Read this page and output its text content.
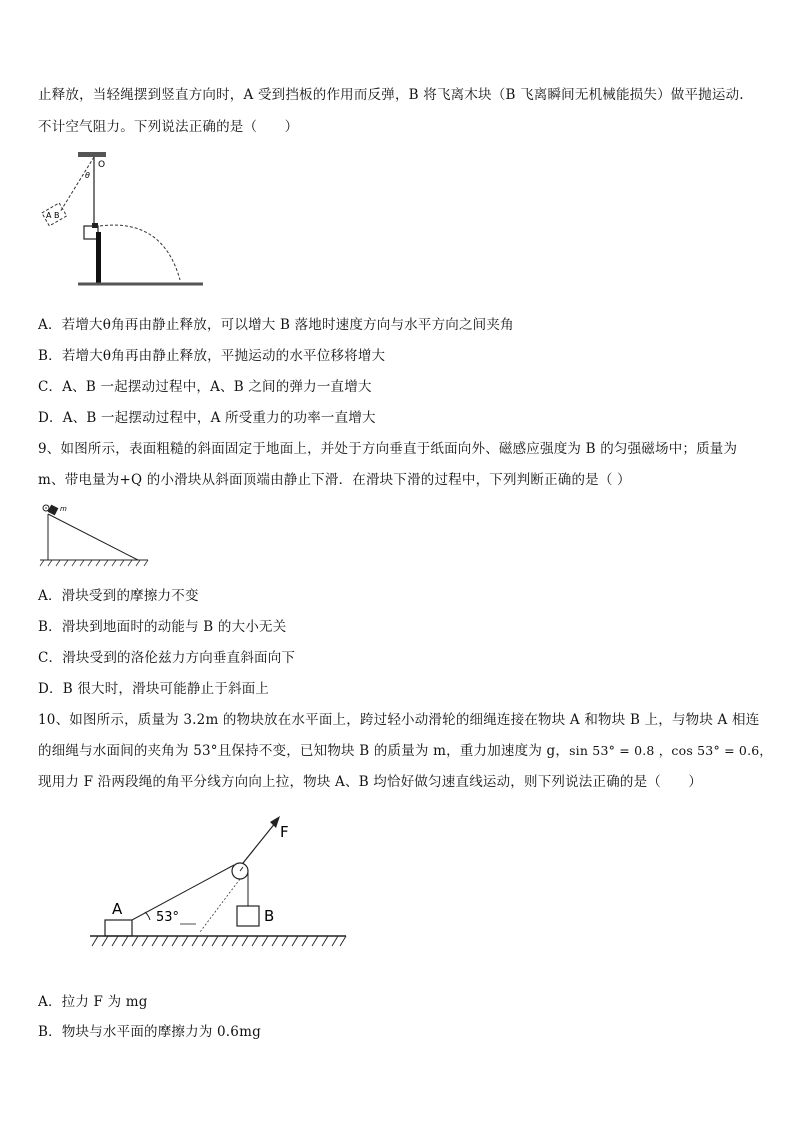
止释放，当轻绳摆到竖直方向时，A 受到挡板的作用而反弹，B 将飞离木块（B 飞离瞬间无机械能损失）做平抛运动.
不计空气阻力。下列说法正确的是（　　）
O
θ
A B
A．若增大θ角再由静止释放，可以增大 B 落地时速度方向与水平方向之间夹角
B．若增大θ角再由静止释放，平抛运动的水平位移将增大
C．A、B 一起摆动过程中，A、B 之间的弹力一直增大
D．A、B 一起摆动过程中，A 所受重力的功率一直增大
9、如图所示，表面粗糙的斜面固定于地面上，并处于方向垂直于纸面向外、磁感应强度为 B 的匀强磁场中；质量为
m、带电量为+Q 的小滑块从斜面顶端由静止下滑．在滑块下滑的过程中，下列判断正确的是（ ）
m
A．滑块受到的摩擦力不变
B．滑块到地面时的动能与 B 的大小无关
C．滑块受到的洛伦兹力方向垂直斜面向下
D．B 很大时，滑块可能静止于斜面上
10、如图所示，质量为 3.2m 的物块放在水平面上，跨过轻小动滑轮的细绳连接在物块 A 和物块 B 上，与物块 A 相连
的细绳与水面间的夹角为 53°且保持不变，已知物块 B 的质量为 m，重力加速度为 g，sin 53° = 0.8 ，cos 53° = 0.6，
现用力 F 沿两段绳的角平分线方向向上拉，物块 A、B 均恰好做匀速直线运动，则下列说法正确的是（　　）
F
A	53°	B
A．拉力 F 为 mg
B．物块与水平面的摩擦力为 0.6mg
